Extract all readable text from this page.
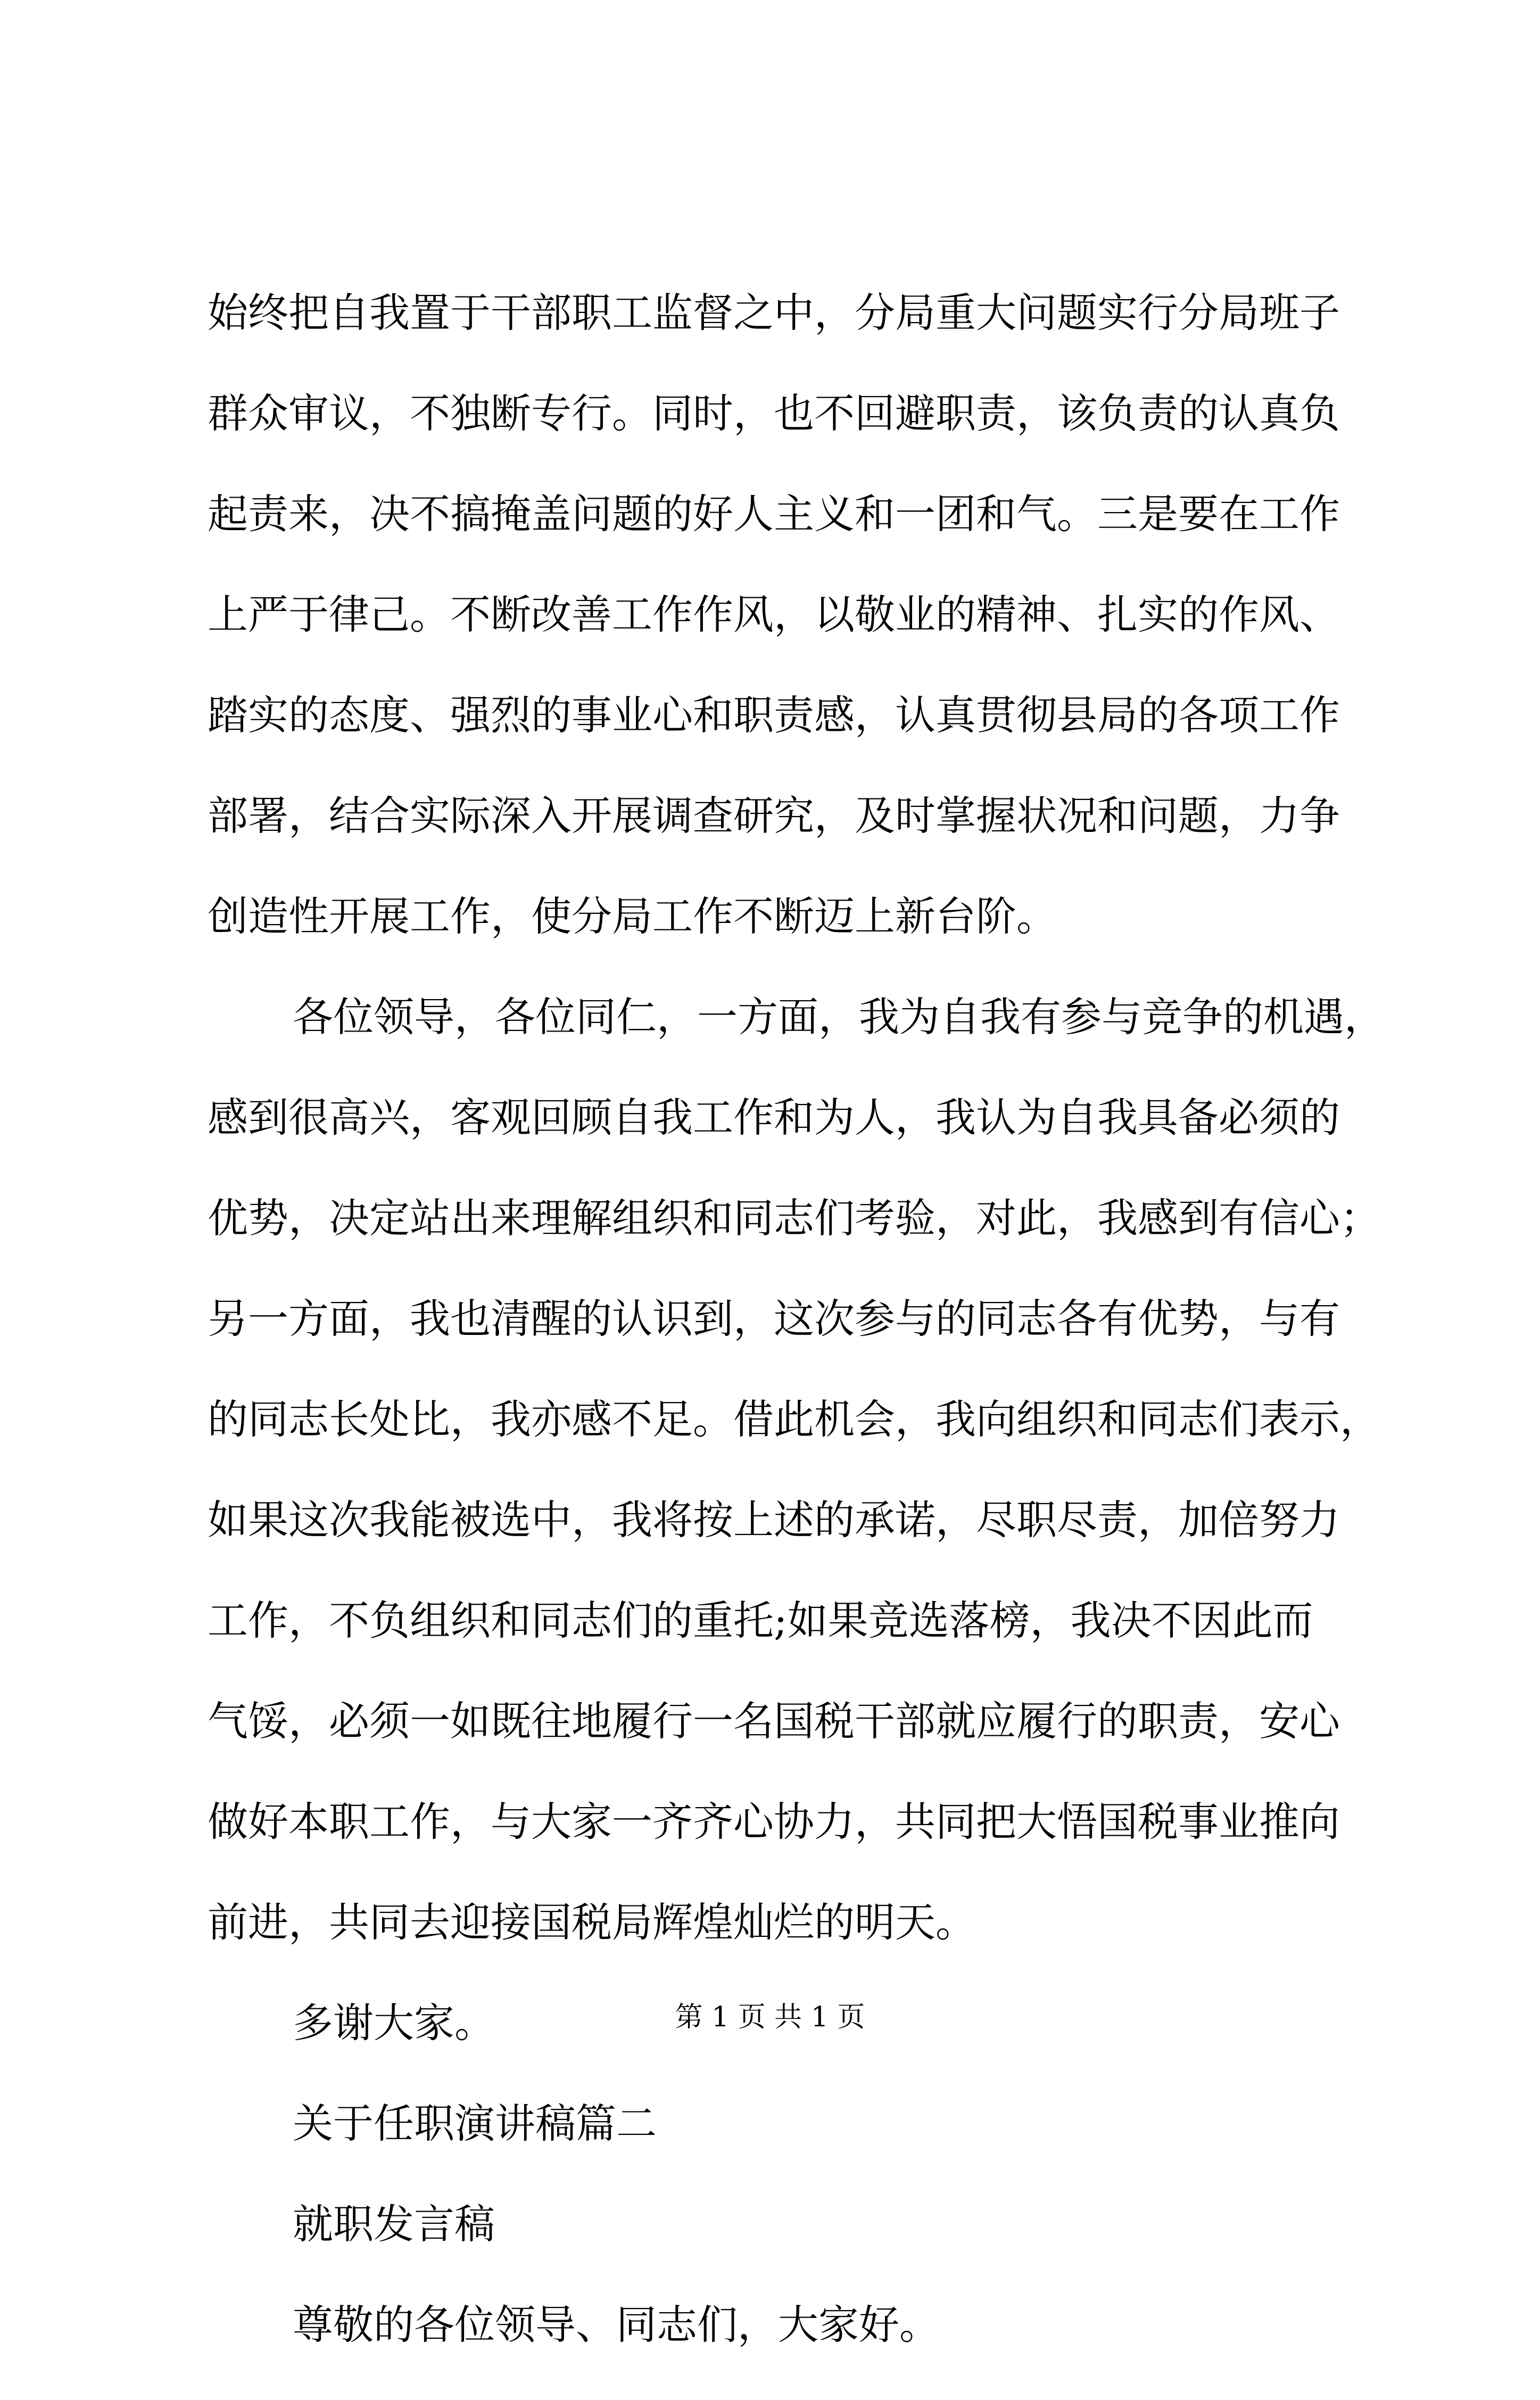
始终把自我置于干部职工监督之中，分局重大问题实行分局班子
群众审议，不独断专行。同时，也不回避职责，该负责的认真负
起责来，决不搞掩盖问题的好人主义和一团和气。三是要在工作
上严于律己。不断改善工作作风，以敬业的精神、扎实的作风、
踏实的态度、强烈的事业心和职责感，认真贯彻县局的各项工作
部署，结合实际深入开展调查研究，及时掌握状况和问题，力争
创造性开展工作，使分局工作不断迈上新台阶。
各位领导，各位同仁，一方面，我为自我有参与竞争的机遇，
感到很高兴，客观回顾自我工作和为人，我认为自我具备必须的
优势，决定站出来理解组织和同志们考验，对此，我感到有信心；
另一方面，我也清醒的认识到，这次参与的同志各有优势，与有
的同志长处比，我亦感不足。借此机会，我向组织和同志们表示，
如果这次我能被选中，我将按上述的承诺，尽职尽责，加倍努力
工作，不负组织和同志们的重托;如果竞选落榜，我决不因此而
气馁，必须一如既往地履行一名国税干部就应履行的职责，安心
做好本职工作，与大家一齐齐心协力，共同把大悟国税事业推向
前进，共同去迎接国税局辉煌灿烂的明天。
多谢大家。
关于任职演讲稿篇二
就职发言稿
尊敬的各位领导、同志们，大家好。
第 1 页 共 1 页
